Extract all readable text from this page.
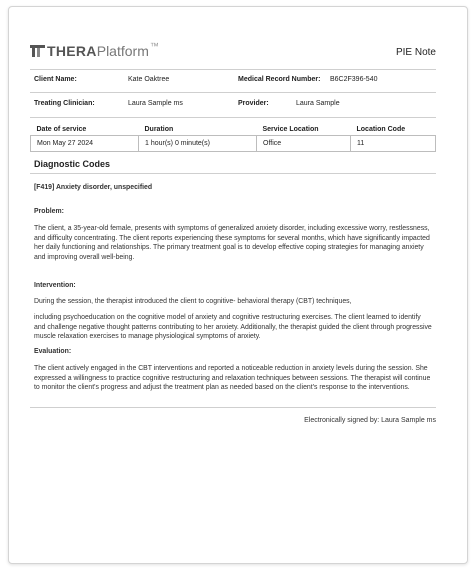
THERA Platform ™
PIE Note
Client Name:	Kate Oaktree	Medical Record Number: B6C2F396-540
Treating Clinician:	Laura Sample ms	Provider:	Laura Sample
Date of service	Duration	Service Location	Location Code
Mon May 27 2024	1 hour(s) 0 minute(s)	Office	11
Diagnostic Codes
[F419] Anxiety disorder, unspecified
Problem:
The client, a 35-year-old female, presents with symptoms of generalized anxiety disorder, including excessive worry, restlessness, and difficulty concentrating. The client reports experiencing these symptoms for several months, which have significantly impacted her daily functioning and relationships. The primary treatment goal is to develop effective coping strategies for managing anxiety and improving overall well-being.
Intervention:
During the session, the therapist introduced the client to cognitive- behavioral therapy (CBT) techniques,
including psychoeducation on the cognitive model of anxiety and cognitive restructuring exercises. The client learned to identify and challenge negative thought patterns contributing to her anxiety. Additionally, the therapist guided the client through progressive muscle relaxation exercises to manage physiological symptoms of anxiety.
Evaluation:
The client actively engaged in the CBT interventions and reported a noticeable reduction in anxiety levels during the session. She expressed a willingness to practice cognitive restructuring and relaxation techniques between sessions. The therapist will continue to monitor the client's progress and adjust the treatment plan as needed based on the client's response to the interventions.
Electronically signed by: Laura Sample ms
